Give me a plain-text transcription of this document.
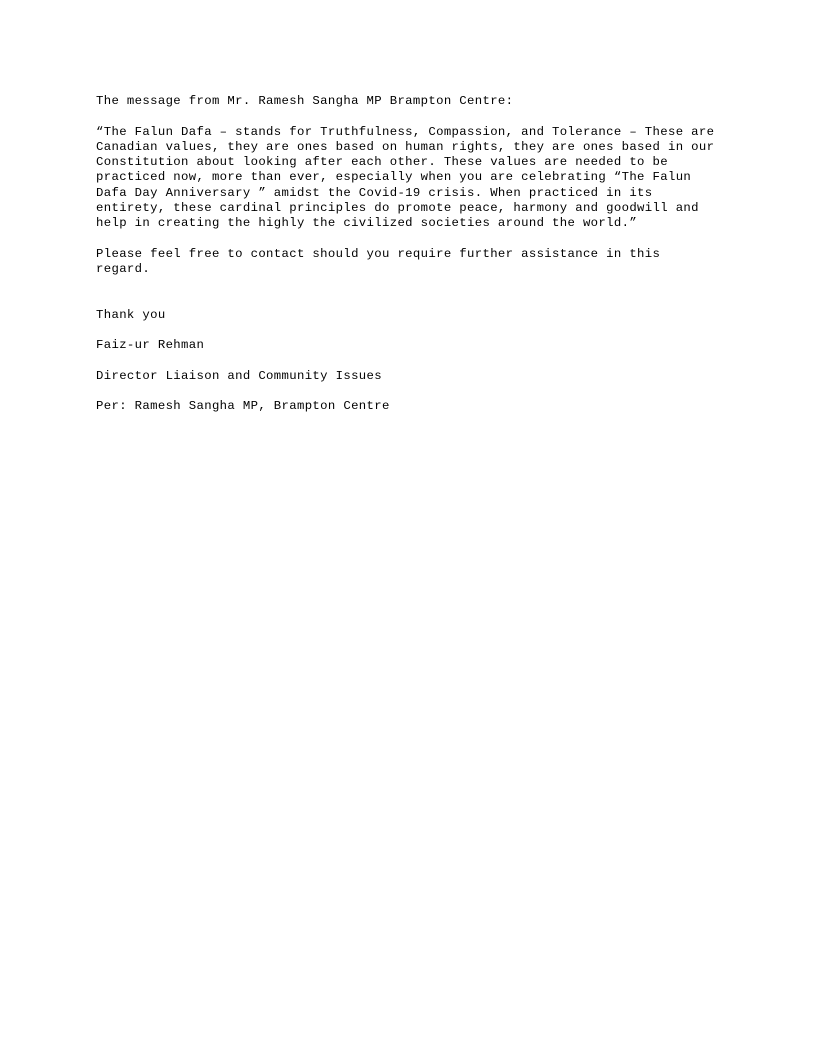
The message from Mr. Ramesh Sangha MP Brampton Centre:

“The Falun Dafa – stands for Truthfulness, Compassion, and Tolerance – These are Canadian values, they are ones based on human rights, they are ones based in our Constitution about looking after each other. These values are needed to be practiced now, more than ever, especially when you are celebrating “The Falun Dafa Day Anniversary ” amidst the Covid-19 crisis. When practiced in its entirety, these cardinal principles do promote peace, harmony and goodwill and help in creating the highly the civilized societies around the world.”

Please feel free to contact should you require further assistance in this regard.

Thank you

Faiz-ur Rehman

Director Liaison and Community Issues

Per: Ramesh Sangha MP, Brampton Centre
